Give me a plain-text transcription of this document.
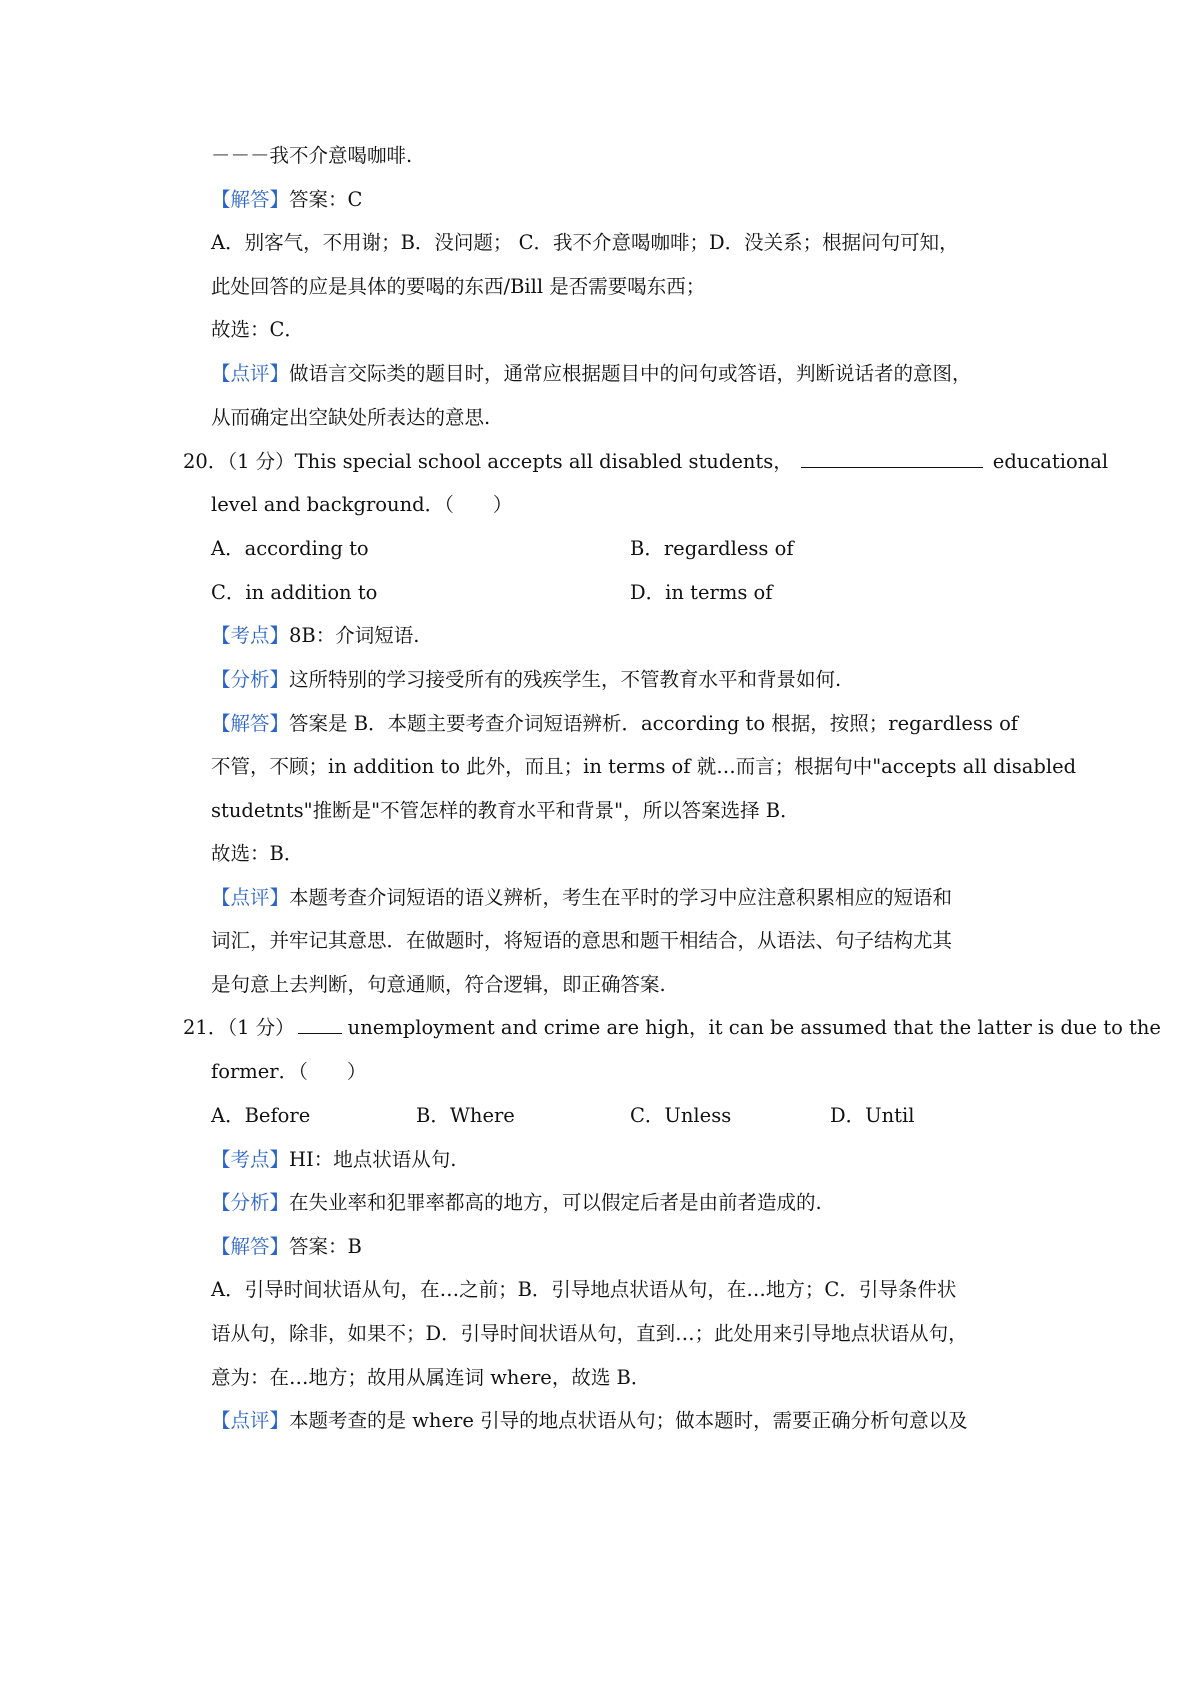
－－－我不介意喝咖啡.
【解答】答案：C
A．别客气，不用谢；B．没问题； C．我不介意喝咖啡；D．没关系；根据问句可知，
此处回答的应是具体的要喝的东西/Bill 是否需要喝东西；
故选：C．
【点评】做语言交际类的题目时，通常应根据题目中的问句或答语，判断说话者的意图，
从而确定出空缺处所表达的意思.
20．（1 分）This special school accepts all disabled students，	educational
level and background．（　　）
A．according to	B．regardless of
C．in addition to	D．in terms of
【考点】8B：介词短语.
【分析】这所特别的学习接受所有的残疾学生，不管教育水平和背景如何.
【解答】答案是 B．本题主要考查介词短语辨析．according to 根据，按照；regardless of
不管，不顾；in addition to 此外，而且；in terms of 就…而言；根据句中"accepts all disabled
studetnts"推断是"不管怎样的教育水平和背景"，所以答案选择 B．
故选：B．
【点评】本题考查介词短语的语义辨析，考生在平时的学习中应注意积累相应的短语和
词汇，并牢记其意思．在做题时，将短语的意思和题干相结合，从语法、句子结构尤其
是句意上去判断，句意通顺，符合逻辑，即正确答案.
21．（1 分）	unemployment and crime are high，it can be assumed that the latter is due to the
former．（　　）
A．Before	B．Where	C．Unless	D．Until
【考点】HI：地点状语从句.
【分析】在失业率和犯罪率都高的地方，可以假定后者是由前者造成的.
【解答】答案：B
A．引导时间状语从句，在…之前；B．引导地点状语从句，在…地方；C．引导条件状
语从句，除非，如果不；D．引导时间状语从句，直到…；此处用来引导地点状语从句，
意为：在…地方；故用从属连词 where，故选 B．
【点评】本题考查的是 where 引导的地点状语从句；做本题时，需要正确分析句意以及
